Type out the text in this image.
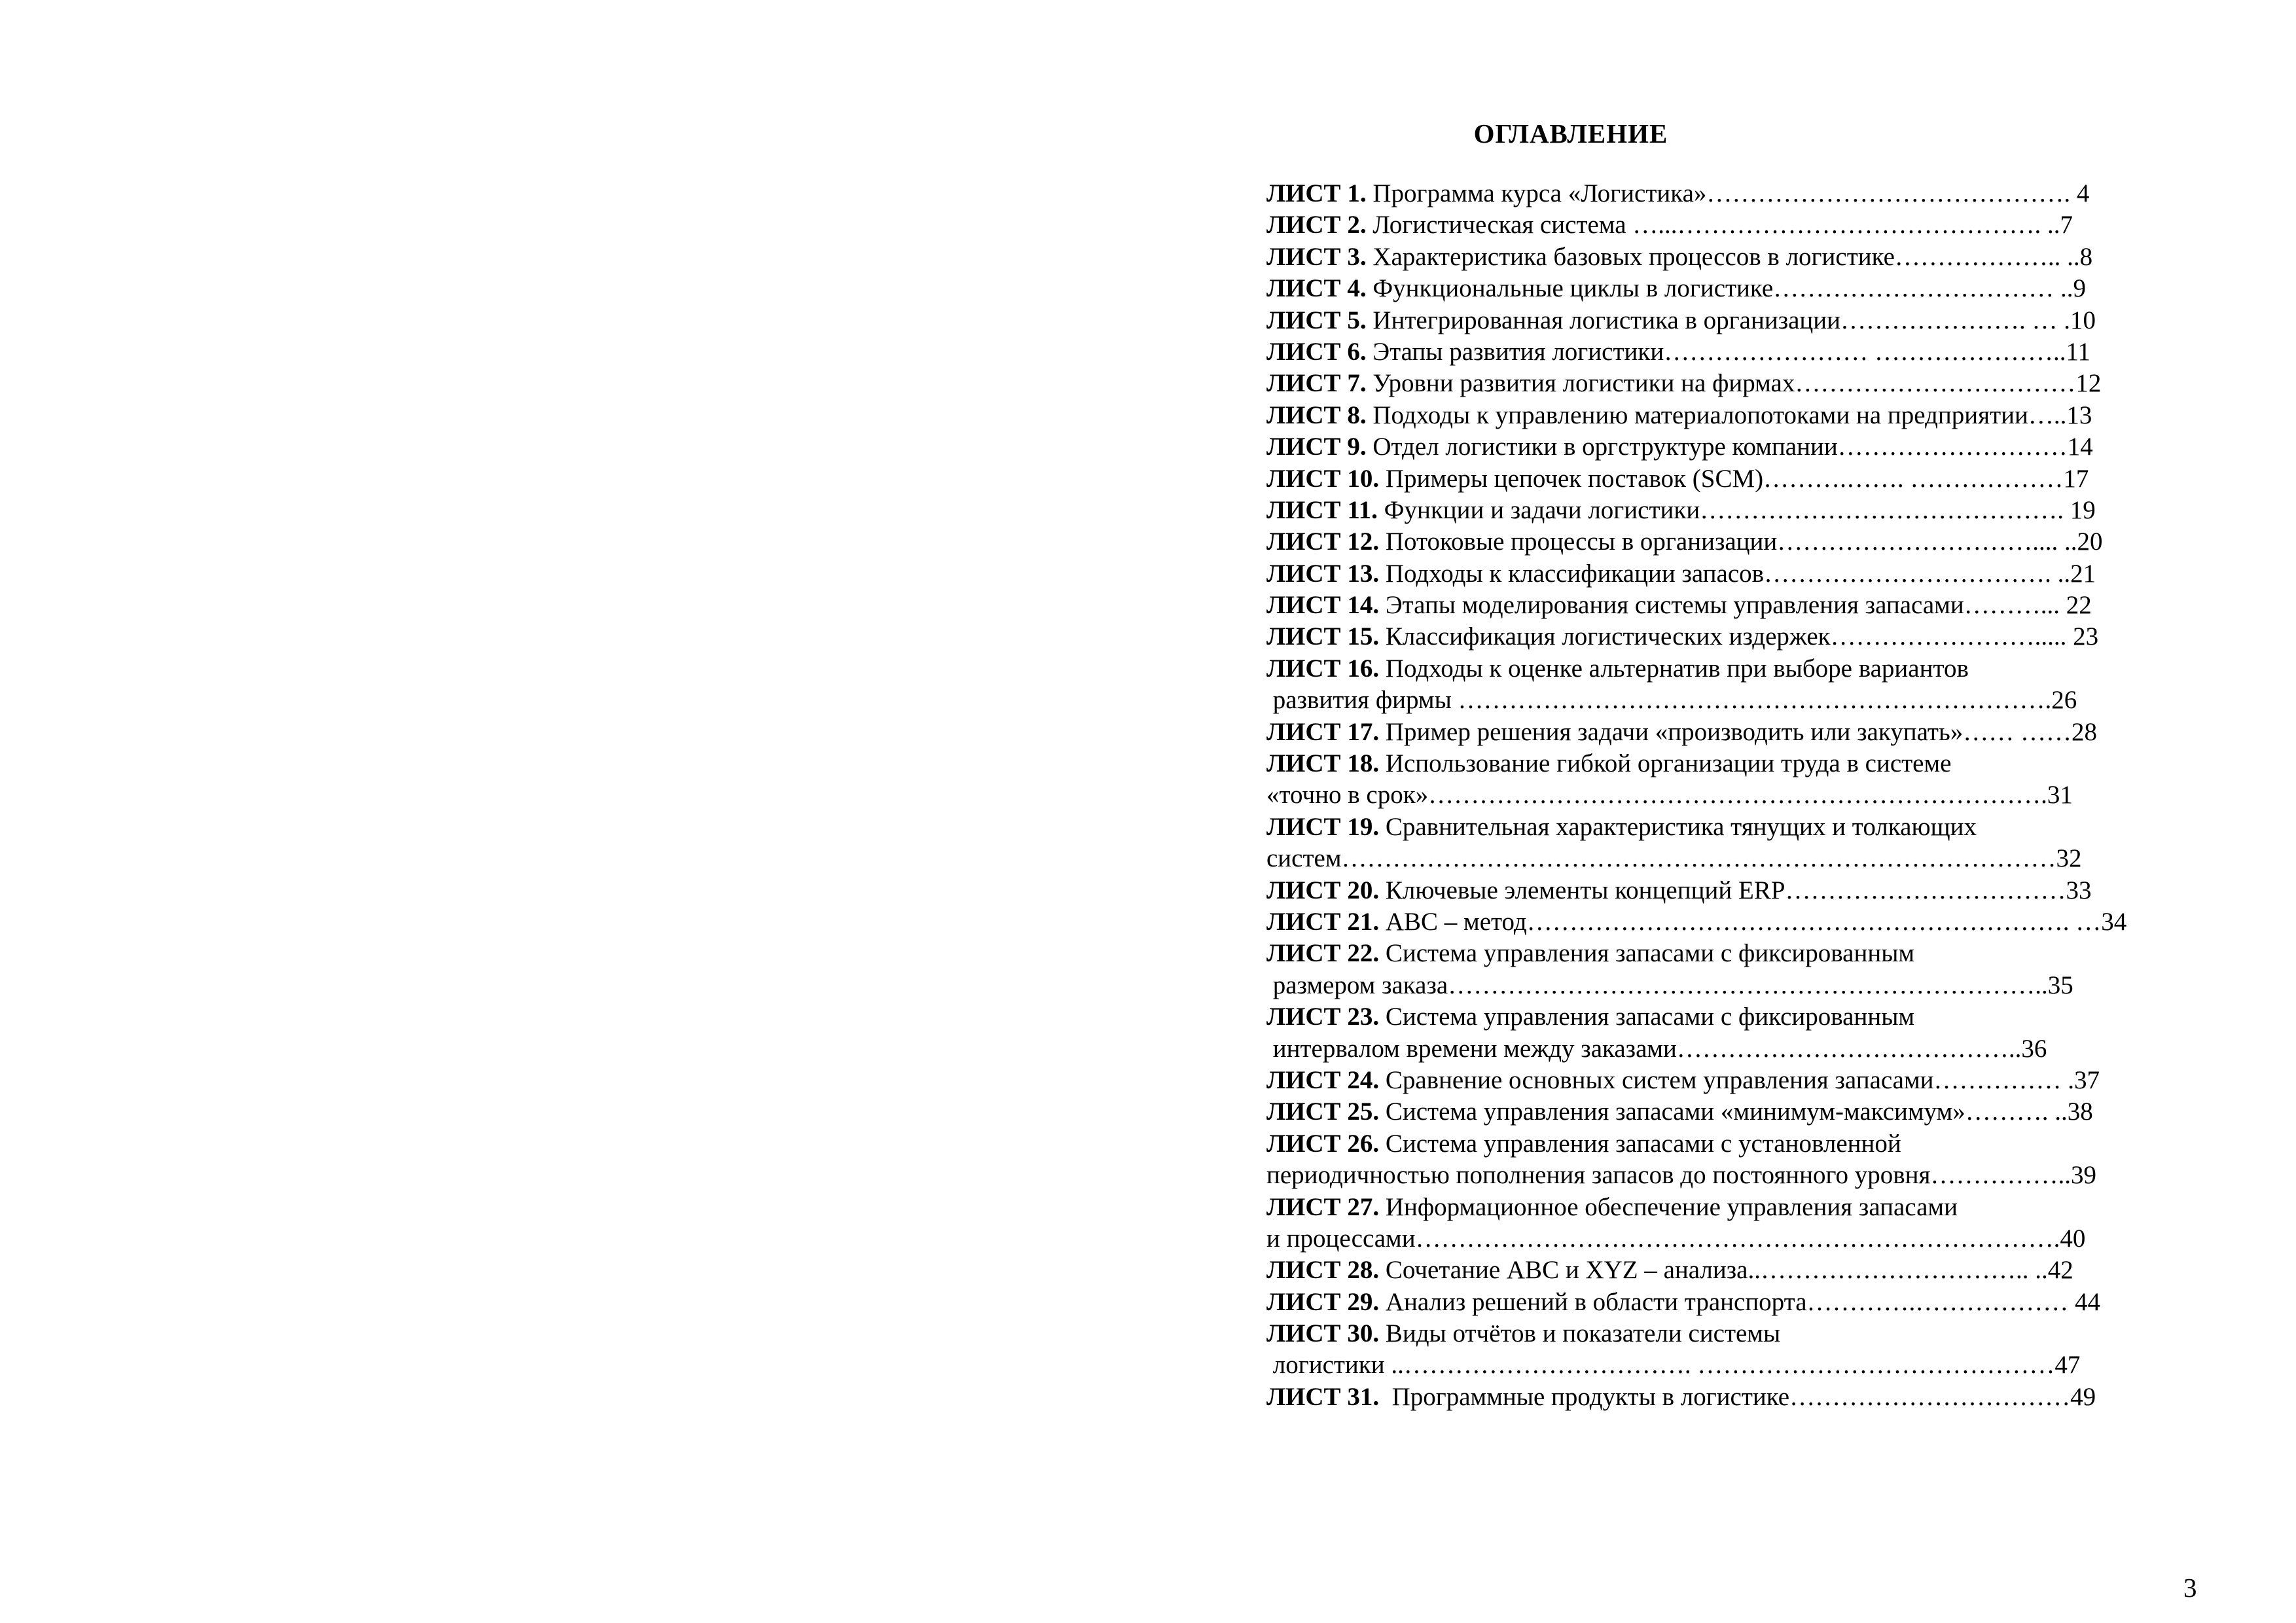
ОГЛАВЛЕНИЕ
ЛИСТ 1. Программа курса «Логистика»……………………………………. 4
ЛИСТ 2. Логистическая система …...……………………………………. ..7
ЛИСТ 3. Характеристика базовых процессов в логистике……………….. ..8
ЛИСТ 4. Функциональные циклы в логистике…………………………… ..9
ЛИСТ 5. Интегрированная логистика в организации…………………. … .10
ЛИСТ 6. Этапы развития логистики…………………… …………………..11
ЛИСТ 7. Уровни развития логистики на фирмах……………………………12
ЛИСТ 8. Подходы к управлению материалопотоками на предприятии…..13
ЛИСТ 9. Отдел логистики в оргструктуре компании………………………14
ЛИСТ 10. Примеры цепочек поставок (SCM)……….……. ………………17
ЛИСТ 11. Функции и задачи логистики……………………………………. 19
ЛИСТ 12. Потоковые процессы в организации………………………….... ..20
ЛИСТ 13. Подходы к классификации запасов……………………………. ..21
ЛИСТ 14. Этапы моделирования системы управления запасами………... 22
ЛИСТ 15. Классификация логистических издержек……………………..... 23
ЛИСТ 16. Подходы к оценке альтернатив при выборе вариантов
развития фирмы …………………………………………………………….26
ЛИСТ 17. Пример решения задачи «производить или закупать»…… ……28
ЛИСТ 18. Использование гибкой организации труда в системе
«точно в срок»……………………………………………………………….31
ЛИСТ 19. Сравнительная характеристика тянущих и толкающих
систем…………………………………………………………………………32
ЛИСТ 20. Ключевые элементы концепций ERP……………………………33
ЛИСТ 21. АВС – метод………………………………………………………. …34
ЛИСТ 22. Система управления запасами с фиксированным
размером заказа……………………………………………………………..35
ЛИСТ 23. Система управления запасами с фиксированным
интервалом времени между заказами…………………………………..36
ЛИСТ 24. Сравнение основных систем управления запасами…………… .37
ЛИСТ 25. Система управления запасами «минимум-максимум»………. ..38
ЛИСТ 26. Система управления запасами с установленной
периодичностью пополнения запасов до постоянного уровня……………..39
ЛИСТ 27. Информационное обеспечение управления запасами
и процессами………………………………………………………………….40
ЛИСТ 28. Сочетание АВС и XYZ – анализа..………………………….. ..42
ЛИСТ 29. Анализ решений в области транспорта………….……………… 44
ЛИСТ 30. Виды отчётов и показатели системы
логистики ..……………………………. ……………………………………47
ЛИСТ 31.  Программные продукты в логистике……………………………49
3
